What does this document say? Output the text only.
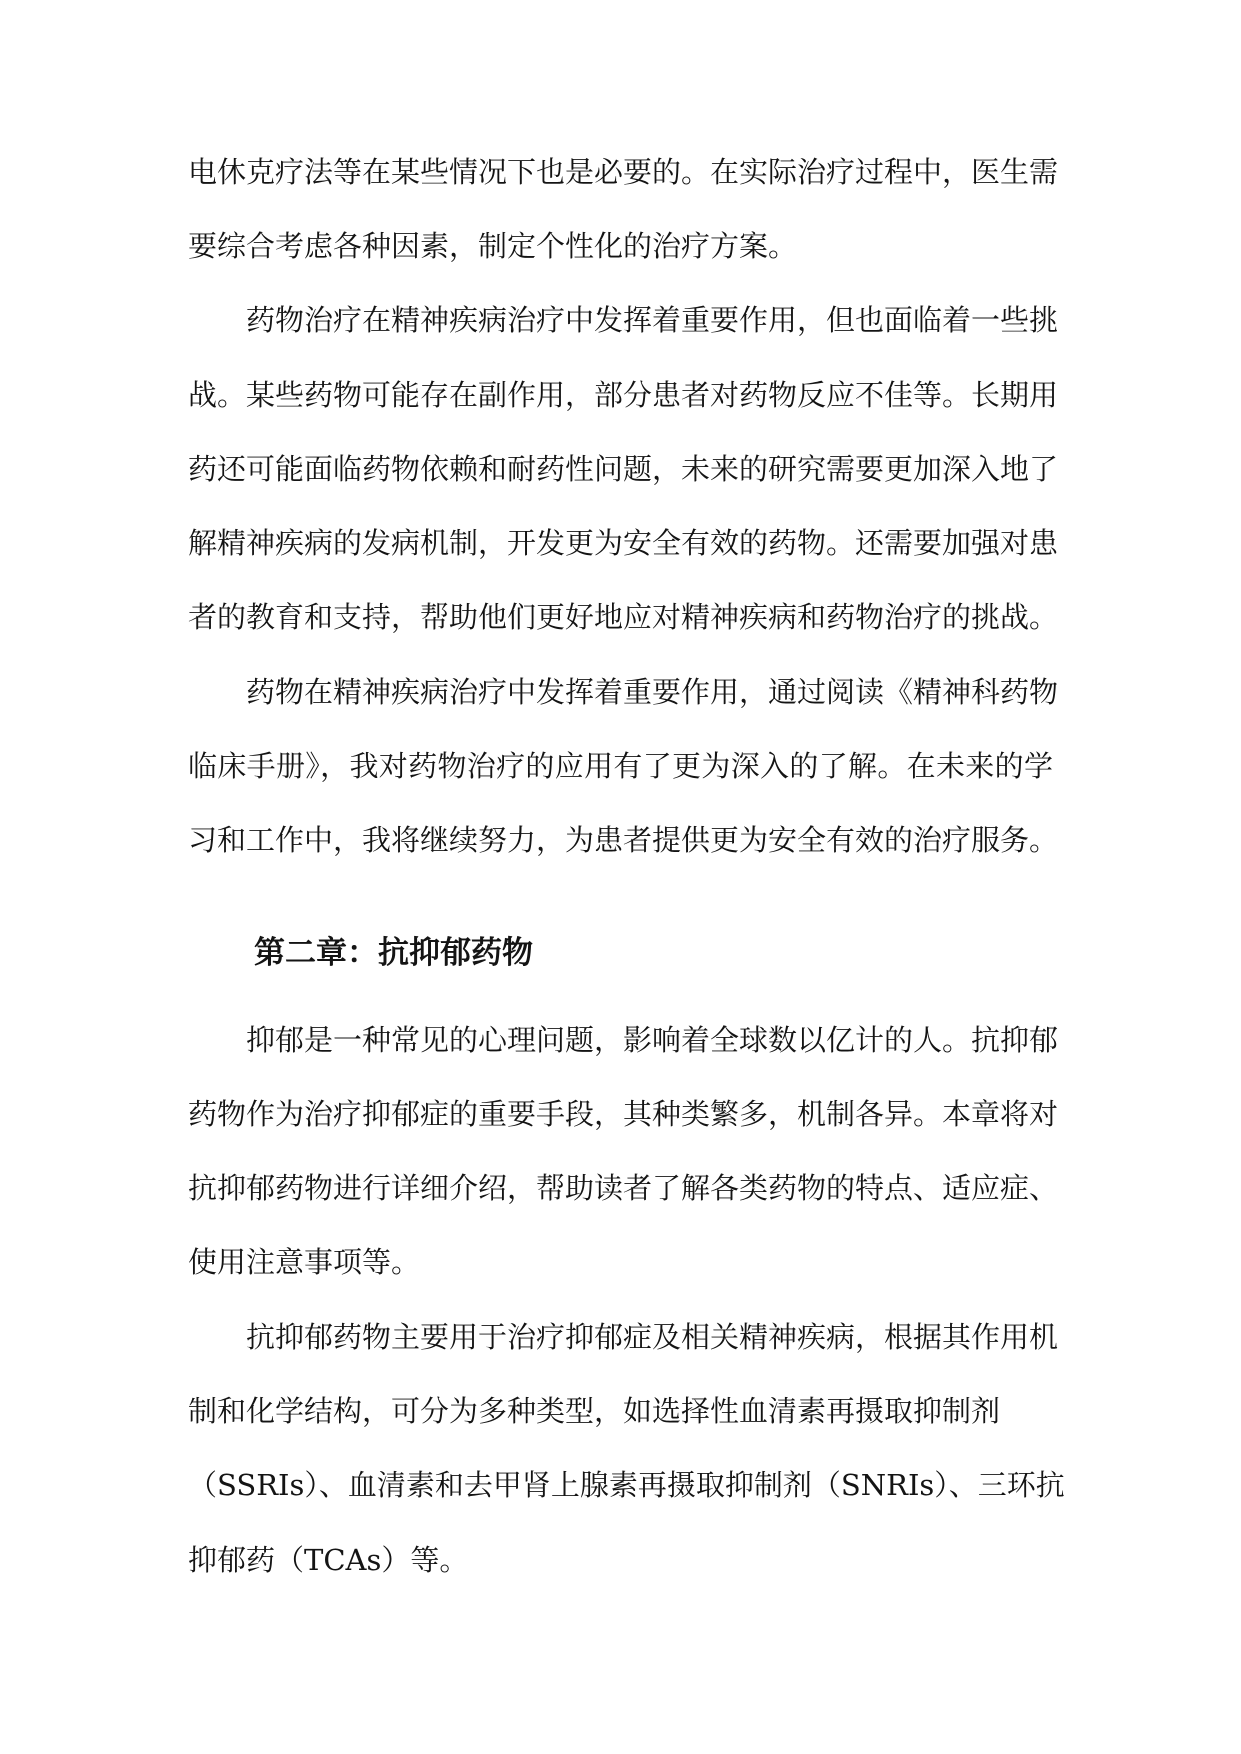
电休克疗法等在某些情况下也是必要的。在实际治疗过程中，医生需
要综合考虑各种因素，制定个性化的治疗方案。
药物治疗在精神疾病治疗中发挥着重要作用，但也面临着一些挑
战。某些药物可能存在副作用，部分患者对药物反应不佳等。长期用
药还可能面临药物依赖和耐药性问题，未来的研究需要更加深入地了
解精神疾病的发病机制，开发更为安全有效的药物。还需要加强对患
者的教育和支持，帮助他们更好地应对精神疾病和药物治疗的挑战。
药物在精神疾病治疗中发挥着重要作用，通过阅读《精神科药物
临床手册》，我对药物治疗的应用有了更为深入的了解。在未来的学
习和工作中，我将继续努力，为患者提供更为安全有效的治疗服务。
第二章：抗抑郁药物
抑郁是一种常见的心理问题，影响着全球数以亿计的人。抗抑郁
药物作为治疗抑郁症的重要手段，其种类繁多，机制各异。本章将对
抗抑郁药物进行详细介绍，帮助读者了解各类药物的特点、适应症、
使用注意事项等。
抗抑郁药物主要用于治疗抑郁症及相关精神疾病，根据其作用机
制和化学结构，可分为多种类型，如选择性血清素再摄取抑制剂
（SSRIs）、血清素和去甲肾上腺素再摄取抑制剂（SNRIs）、三环抗
抑郁药（TCAs）等。
